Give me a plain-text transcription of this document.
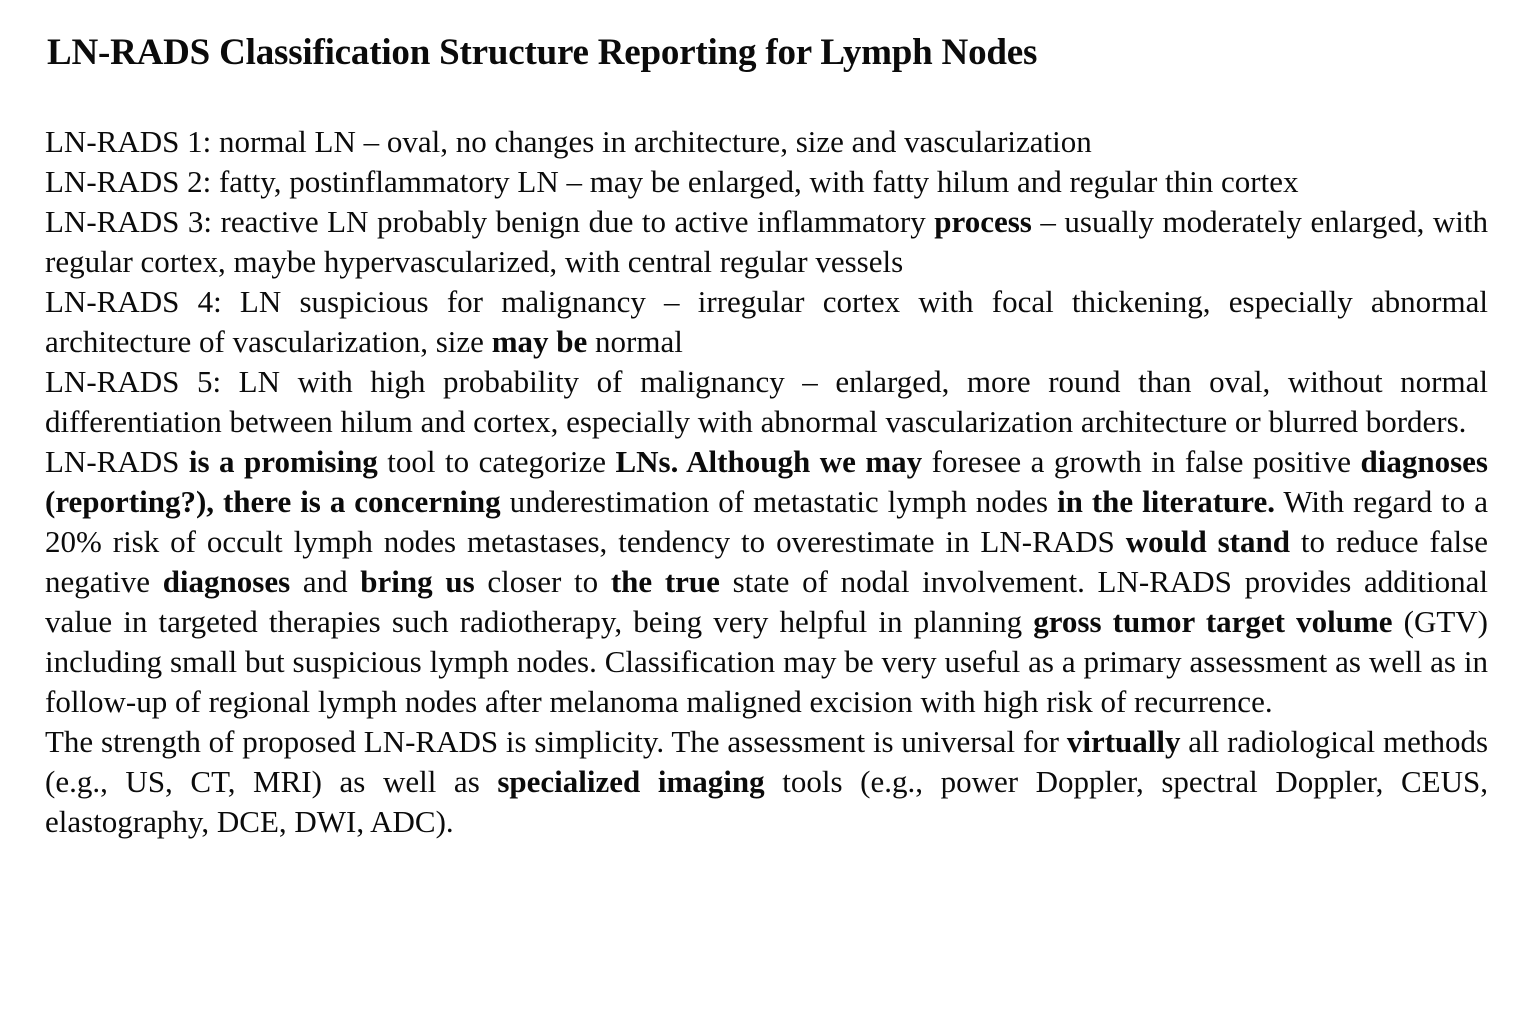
LN-RADS Classification Structure Reporting for Lymph Nodes

LN-RADS 1: normal LN – oval, no changes in architecture, size and vascularization

LN-RADS 2: fatty, postinflammatory LN – may be enlarged, with fatty hilum and regular thin cortex

LN-RADS 3: reactive LN probably benign due to active inflammatory process – usually moderately enlarged, with regular cortex, maybe hypervascularized, with central regular vessels

LN-RADS 4: LN suspicious for malignancy – irregular cortex with focal thickening, especially abnormal architecture of vascularization, size may be normal

LN-RADS 5: LN with high probability of malignancy – enlarged, more round than oval, without normal differentiation between hilum and cortex, especially with abnormal vascularization architecture or blurred borders.

LN-RADS is a promising tool to categorize LNs. Although we may foresee a growth in false positive diagnoses (reporting?), there is a concerning underestimation of metastatic lymph nodes in the literature. With regard to a 20% risk of occult lymph nodes metastases, tendency to overestimate in LN-RADS would stand to reduce false negative diagnoses and bring us closer to the true state of nodal involvement. LN-RADS provides additional value in targeted therapies such radiotherapy, being very helpful in planning gross tumor target volume (GTV) including small but suspicious lymph nodes. Classification may be very useful as a primary assessment as well as in follow-up of regional lymph nodes after melanoma maligned excision with high risk of recurrence.

The strength of proposed LN-RADS is simplicity. The assessment is universal for virtually all radiological methods (e.g., US, CT, MRI) as well as specialized imaging tools (e.g., power Doppler, spectral Doppler, CEUS, elastography, DCE, DWI, ADC).
